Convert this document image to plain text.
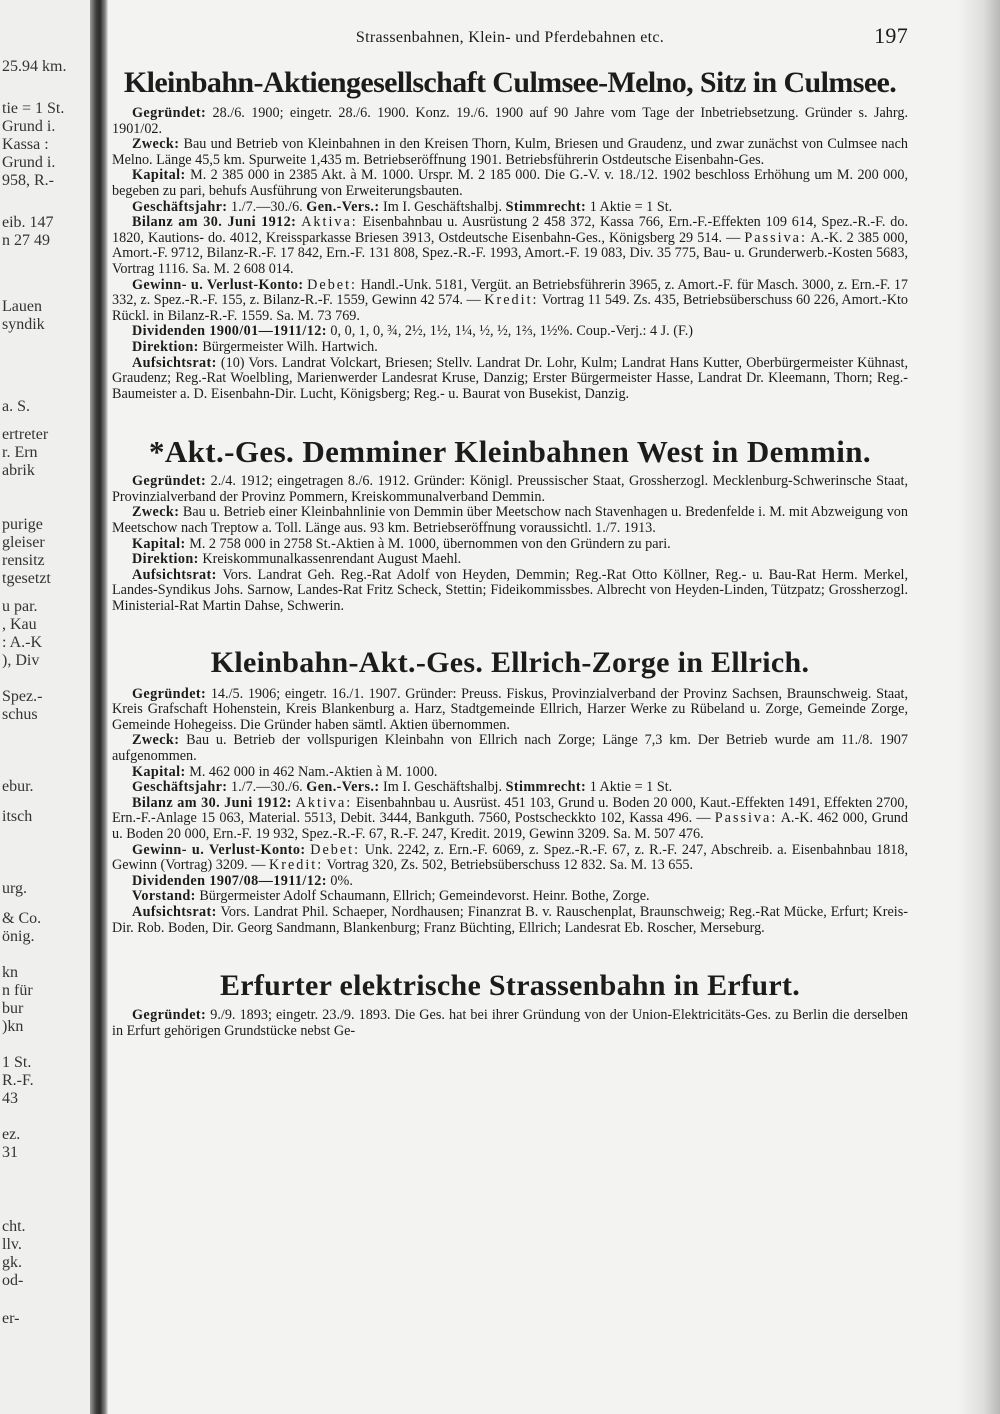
25.94 km.
tie = 1 St.
Grund i.
Kassa :
Grund i.
958, R.-
eib. 147
n 27 49
Lauen
syndik
a. S.
ertreter
r. Ern
abrik
purige
gleiser
rensitz
tgesetzt
u par.
, Kau
: A.-K
), Div
Spez.-
schus
ebur.
itsch
urg.
& Co.
önig.
kn
n für
bur
)kn
1 St.
R.-F.
43
ez.
31
cht.
llv.
gk.
od-
er-
Strassenbahnen, Klein- und Pferdebahnen etc.	197
Kleinbahn-Aktiengesellschaft Culmsee-Melno, Sitz in Culmsee.

Gegründet: 28./6. 1900; eingetr. 28./6. 1900. Konz. 19./6. 1900 auf 90 Jahre vom Tage der Inbetriebsetzung. Gründer s. Jahrg. 1901/02.

Zweck: Bau und Betrieb von Kleinbahnen in den Kreisen Thorn, Kulm, Briesen und Graudenz, und zwar zunächst von Culmsee nach Melno. Länge 45,5 km. Spurweite 1,435 m. Betriebseröffnung 1901. Betriebsführerin Ostdeutsche Eisenbahn-Ges.

Kapital: M. 2 385 000 in 2385 Akt. à M. 1000. Urspr. M. 2 185 000. Die G.-V. v. 18./12. 1902 beschloss Erhöhung um M. 200 000, begeben zu pari, behufs Ausführung von Erweiterungsbauten.

Geschäftsjahr: 1./7.—30./6. Gen.-Vers.: Im I. Geschäftshalbj. Stimmrecht: 1 Aktie = 1 St.

Bilanz am 30. Juni 1912: Aktiva: Eisenbahnbau u. Ausrüstung 2 458 372, Kassa 766, Ern.-F.-Effekten 109 614, Spez.-R.-F. do. 1820, Kautions- do. 4012, Kreissparkasse Briesen 3913, Ostdeutsche Eisenbahn-Ges., Königsberg 29 514. — Passiva: A.-K. 2 385 000, Amort.-F. 9712, Bilanz-R.-F. 17 842, Ern.-F. 131 808, Spez.-R.-F. 1993, Amort.-F. 19 083, Div. 35 775, Bau- u. Grunderwerb.-Kosten 5683, Vortrag 1116. Sa. M. 2 608 014.

Gewinn- u. Verlust-Konto: Debet: Handl.-Unk. 5181, Vergüt. an Betriebsführerin 3965, z. Amort.-F. für Masch. 3000, z. Ern.-F. 17 332, z. Spez.-R.-F. 155, z. Bilanz-R.-F. 1559, Gewinn 42 574. — Kredit: Vortrag 11 549. Zs. 435, Betriebsüberschuss 60 226, Amort.-Kto Rückl. in Bilanz-R.-F. 1559. Sa. M. 73 769.

Dividenden 1900/01—1911/12: 0, 0, 1, 0, ¾, 2½, 1½, 1¼, ½, ½, 1⅔, 1½%. Coup.-Verj.: 4 J. (F.)

Direktion: Bürgermeister Wilh. Hartwich.

Aufsichtsrat: (10) Vors. Landrat Volckart, Briesen; Stellv. Landrat Dr. Lohr, Kulm; Landrat Hans Kutter, Oberbürgermeister Kühnast, Graudenz; Reg.-Rat Woelbling, Marienwerder Landesrat Kruse, Danzig; Erster Bürgermeister Hasse, Landrat Dr. Kleemann, Thorn; Reg.-Baumeister a. D. Eisenbahn-Dir. Lucht, Königsberg; Reg.- u. Baurat von Busekist, Danzig.

*Akt.-Ges. Demminer Kleinbahnen West in Demmin.

Gegründet: 2./4. 1912; eingetragen 8./6. 1912. Gründer: Königl. Preussischer Staat, Grossherzogl. Mecklenburg-Schwerinsche Staat, Provinzialverband der Provinz Pommern, Kreiskommunalverband Demmin.

Zweck: Bau u. Betrieb einer Kleinbahnlinie von Demmin über Meetschow nach Stavenhagen u. Bredenfelde i. M. mit Abzweigung von Meetschow nach Treptow a. Toll. Länge aus. 93 km. Betriebseröffnung voraussichtl. 1./7. 1913.

Kapital: M. 2 758 000 in 2758 St.-Aktien à M. 1000, übernommen von den Gründern zu pari.

Direktion: Kreiskommunalkassenrendant August Maehl.

Aufsichtsrat: Vors. Landrat Geh. Reg.-Rat Adolf von Heyden, Demmin; Reg.-Rat Otto Köllner, Reg.- u. Bau-Rat Herm. Merkel, Landes-Syndikus Johs. Sarnow, Landes-Rat Fritz Scheck, Stettin; Fideikommissbes. Albrecht von Heyden-Linden, Tützpatz; Grossherzogl. Ministerial-Rat Martin Dahse, Schwerin.

Kleinbahn-Akt.-Ges. Ellrich-Zorge in Ellrich.

Gegründet: 14./5. 1906; eingetr. 16./1. 1907. Gründer: Preuss. Fiskus, Provinzialverband der Provinz Sachsen, Braunschweig. Staat, Kreis Grafschaft Hohenstein, Kreis Blankenburg a. Harz, Stadtgemeinde Ellrich, Harzer Werke zu Rübeland u. Zorge, Gemeinde Zorge, Gemeinde Hohegeiss. Die Gründer haben sämtl. Aktien übernommen.

Zweck: Bau u. Betrieb der vollspurigen Kleinbahn von Ellrich nach Zorge; Länge 7,3 km. Der Betrieb wurde am 11./8. 1907 aufgenommen.

Kapital: M. 462 000 in 462 Nam.-Aktien à M. 1000.

Geschäftsjahr: 1./7.—30./6. Gen.-Vers.: Im I. Geschäftshalbj. Stimmrecht: 1 Aktie = 1 St.

Bilanz am 30. Juni 1912: Aktiva: Eisenbahnbau u. Ausrüst. 451 103, Grund u. Boden 20 000, Kaut.-Effekten 1491, Effekten 2700, Ern.-F.-Anlage 15 063, Material. 5513, Debit. 3444, Bankguth. 7560, Postscheckkto 102, Kassa 496. — Passiva: A.-K. 462 000, Grund u. Boden 20 000, Ern.-F. 19 932, Spez.-R.-F. 67, R.-F. 247, Kredit. 2019, Gewinn 3209. Sa. M. 507 476.

Gewinn- u. Verlust-Konto: Debet: Unk. 2242, z. Ern.-F. 6069, z. Spez.-R.-F. 67, z. R.-F. 247, Abschreib. a. Eisenbahnbau 1818, Gewinn (Vortrag) 3209. — Kredit: Vortrag 320, Zs. 502, Betriebsüberschuss 12 832. Sa. M. 13 655.

Dividenden 1907/08—1911/12: 0%.

Vorstand: Bürgermeister Adolf Schaumann, Ellrich; Gemeindevorst. Heinr. Bothe, Zorge.

Aufsichtsrat: Vors. Landrat Phil. Schaeper, Nordhausen; Finanzrat B. v. Rauschenplat, Braunschweig; Reg.-Rat Mücke, Erfurt; Kreis-Dir. Rob. Boden, Dir. Georg Sandmann, Blankenburg; Franz Büchting, Ellrich; Landesrat Eb. Roscher, Merseburg.

Erfurter elektrische Strassenbahn in Erfurt.

Gegründet: 9./9. 1893; eingetr. 23./9. 1893. Die Ges. hat bei ihrer Gründung von der Union-Elektricitäts-Ges. zu Berlin die derselben in Erfurt gehörigen Grundstücke nebst Ge-
